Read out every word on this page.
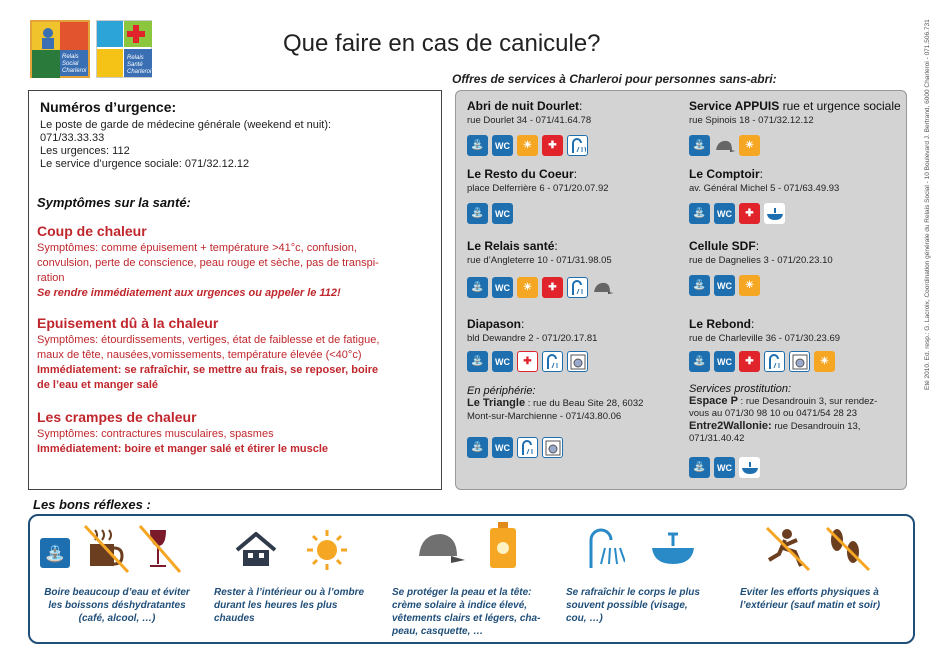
Relais Social Charleroi
Relais Santé Charleroi
Que faire en cas de canicule?	Eté 2010. Ed. resp.: G. Lacroix, Coordination générale du Relais Social - 10 Boulevard J. Bertrand, 6000 Charleroi - 071.506.731
Numéros d’urgence:
Le poste de garde de médecine générale (weekend et nuit):
071/33.33.33
Les urgences: 112
Le service d’urgence sociale: 071/32.12.12
Symptômes sur la santé:
Coup de chaleur
Symptômes: comme épuisement + température >41°c, confusion,
convulsion, perte de conscience, peau rouge et sèche, pas de transpi-
ration
Se rendre immédiatement aux urgences ou appeler le 112!
Epuisement dû à la chaleur
Symptômes: étourdissements, vertiges, état de faiblesse et de fatigue,
maux de tête, nausées,vomissements, température élevée (<40°c)
Immédiatement: se rafraîchir, se mettre au frais, se reposer, boire
de l’eau et manger salé
Les crampes de chaleur
Symptômes: contractures musculaires, spasmes
Immédiatement: boire et manger salé et étirer le muscle
Offres de services à Charleroi pour personnes sans-abri:
Abri de nuit Dourlet:
rue Dourlet 34 - 071/41.64.78
⛲	WC	☀	✚
Le Resto du Coeur:
place Delferrière 6 - 071/20.07.92
⛲	WC
Le Relais santé:
rue d’Angleterre 10 - 071/31.98.05
⛲	WC	☀	✚
Diapason:
bld Dewandre 2 - 071/20.17.81
⛲	WC	✚
En périphérie:
Le Triangle : rue du Beau Site 28, 6032
Mont-sur-Marchienne - 071/43.80.06
⛲	WC
Service APPUIS rue et urgence sociale
rue Spinois 18 - 071/32.12.12
⛲	☀
Le Comptoir:
av. Général Michel 5 - 071/63.49.93
⛲	WC	✚
Cellule SDF:
rue de Dagnelies 3 - 071/20.23.10
⛲	WC	☀
Le Rebond:
rue de Charleville 36 - 071/30.23.69
⛲	WC	✚	☀
Services prostitution:
Espace P : rue Desandrouin 3, sur rendez-
vous au 071/30 98 10 ou 0471/54 28 23
Entre2Wallonie: rue Desandrouin 13,
071/31.40.42
⛲	WC
Les bons réflexes :
⛲
Boire beaucoup d’eau et éviter
les boissons déshydratantes
(café, alcool, …)
Rester à l’intérieur ou à l’ombre
durant les heures les plus
chaudes
Se protéger la peau et la tête:
crème solaire à indice élevé,
vêtements clairs et légers, cha-
peau, casquette, …
Se rafraîchir le corps le plus
souvent possible (visage,
cou, …)
Eviter les efforts physiques à
l’extérieur (sauf matin et soir)
